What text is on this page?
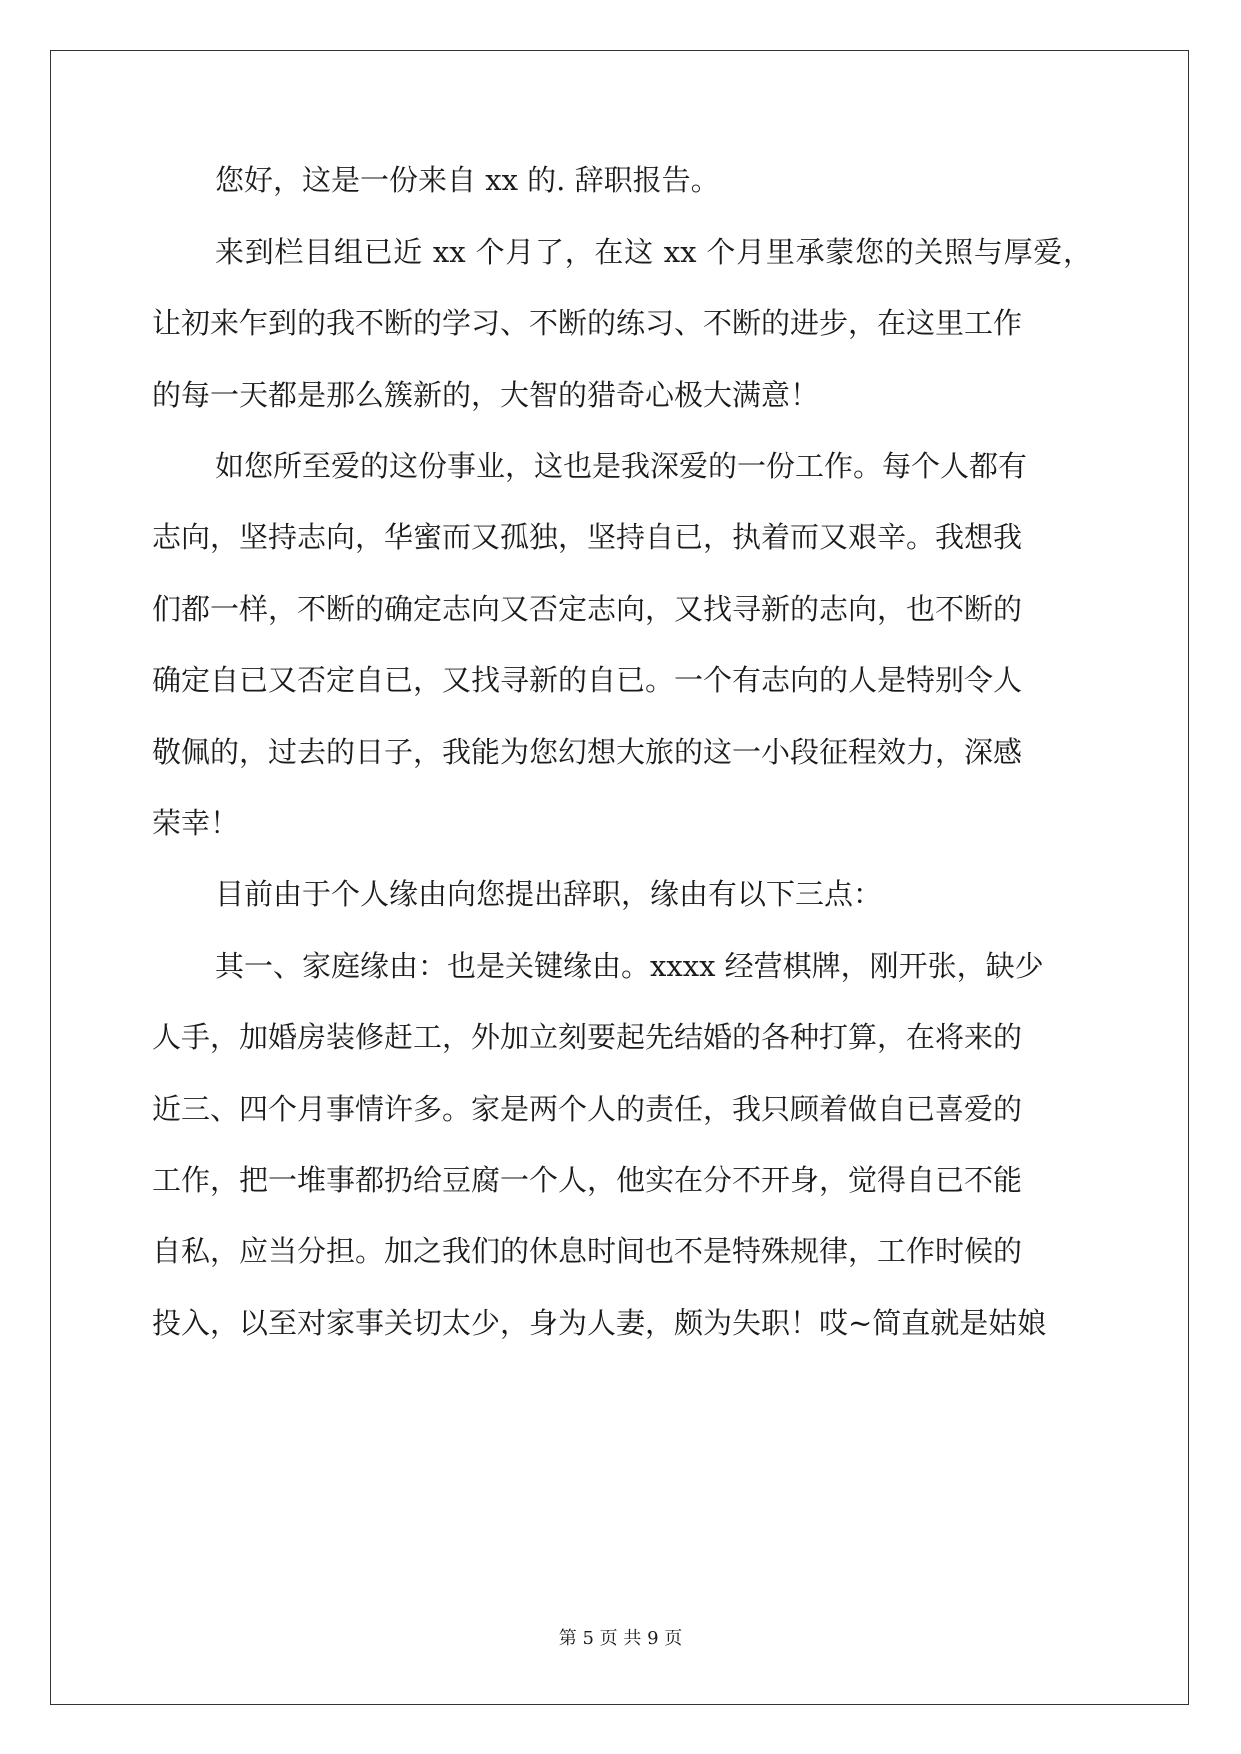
您好，这是一份来自 xx 的. 辞职报告。
来到栏目组已近 xx 个月了，在这 xx 个月里承蒙您的关照与厚爱，
让初来乍到的我不断的学习、不断的练习、不断的进步，在这里工作
的每一天都是那么簇新的，大智的猎奇心极大满意！
如您所至爱的这份事业，这也是我深爱的一份工作。每个人都有
志向，坚持志向，华蜜而又孤独，坚持自已，执着而又艰辛。我想我
们都一样，不断的确定志向又否定志向，又找寻新的志向，也不断的
确定自已又否定自已，又找寻新的自已。一个有志向的人是特别令人
敬佩的，过去的日子，我能为您幻想大旅的这一小段征程效力，深感
荣幸！
目前由于个人缘由向您提出辞职，缘由有以下三点：
其一、家庭缘由：也是关键缘由。xxxx 经营棋牌，刚开张，缺少
人手，加婚房装修赶工，外加立刻要起先结婚的各种打算，在将来的
近三、四个月事情许多。家是两个人的责任，我只顾着做自已喜爱的
工作，把一堆事都扔给豆腐一个人，他实在分不开身，觉得自已不能
自私，应当分担。加之我们的休息时间也不是特殊规律，工作时候的
投入，以至对家事关切太少，身为人妻，颇为失职！哎~简直就是姑娘
第 5 页 共 9 页
